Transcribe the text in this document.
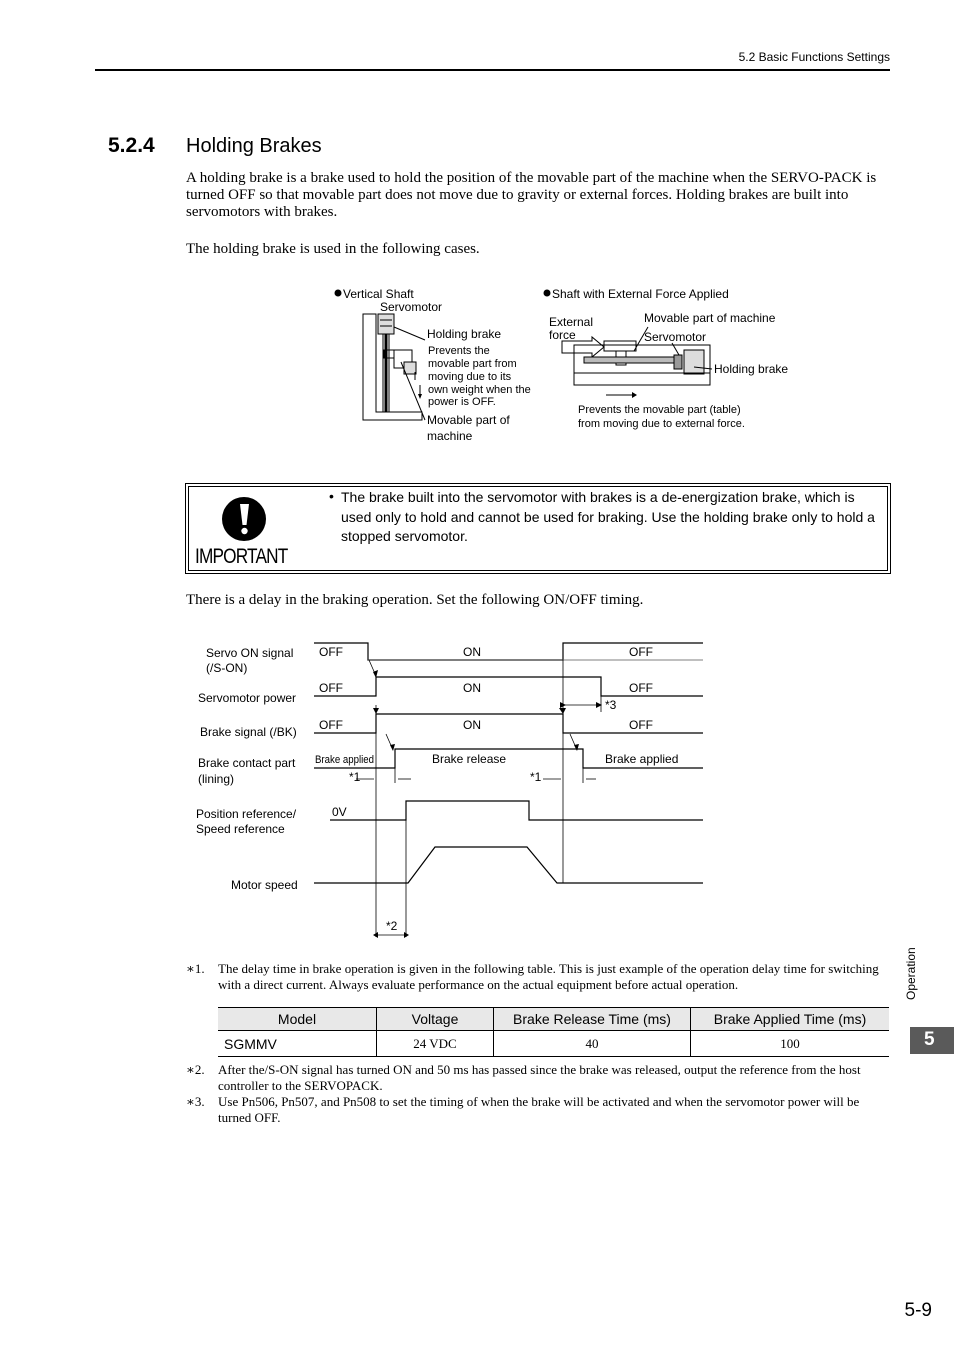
5.2 Basic Functions Settings
5.2.4 Holding Brakes
A holding brake is a brake used to hold the position of the movable part of the machine when the SERVO-PACK is turned OFF so that movable part does not move due to gravity or external forces. Holding brakes are built into servomotors with brakes.
The holding brake is used in the following cases.
Vertical Shaft
Servomotor
Holding brake
Prevents the
movable part from
moving due to its
own weight when the
power is OFF.
Movable part of
machine
Shaft with External Force Applied
External
force
Movable part of machine
Servomotor
Holding brake
Prevents the movable part (table)
from moving due to external force.
IMPORTANT
• The brake built into the servomotor with brakes is a de-energization brake, which is used only to hold and cannot be used for braking. Use the holding brake only to hold a stopped servomotor.
There is a delay in the braking operation. Set the following ON/OFF timing.
Servo ON signal
(/S-ON)
Servomotor power
Brake signal (/BK)
Brake contact part
(lining)
Position reference/
Speed reference
Motor speed
OFF	ON	OFF
OFF	ON	OFF
OFF	ON	OFF
Brake applied	Brake release	Brake applied
0V
*1	*1
*3
*2
∗1. The delay time in brake operation is given in the following table. This is just example of the operation delay time for switching with a direct current. Always evaluate performance on the actual equipment before actual operation.
Model	Voltage	Brake Release Time (ms)	Brake Applied Time (ms)
SGMMV	24 VDC	40	100
∗2. After the/S-ON signal has turned ON and 50 ms has passed since the brake was released, output the reference from the host controller to the SERVOPACK.
∗3. Use Pn506, Pn507, and Pn508 to set the timing of when the brake will be activated and when the servomotor power will be turned OFF.
Operation
5
5-9
